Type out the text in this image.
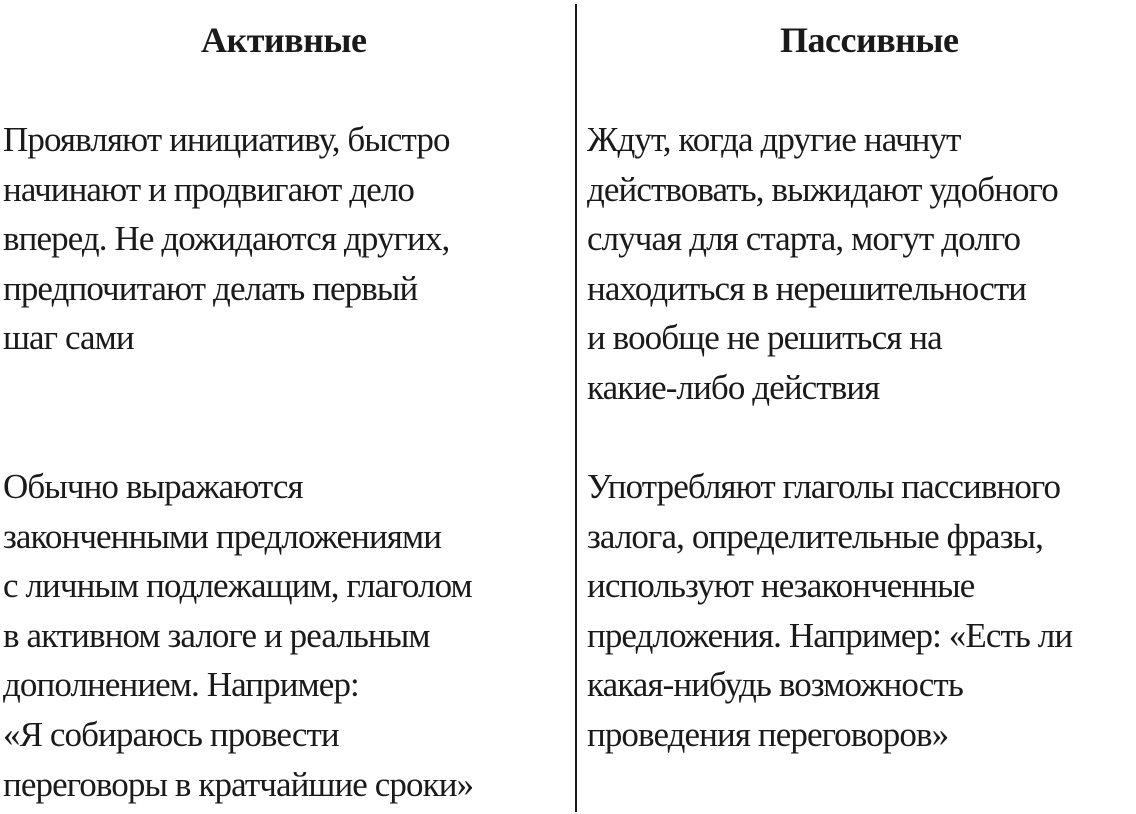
Активные
Проявляют инициативу, быстро
начинают и продвигают дело
вперед. Не дожидаются других,
предпочитают делать первый
шаг сами
Обычно выражаются
законченными предложениями
с личным подлежащим, глаголом
в активном залоге и реальным
дополнением. Например:
«Я собираюсь провести
переговоры в кратчайшие сроки»
Пассивные
Ждут, когда другие начнут
действовать, выжидают удобного
случая для старта, могут долго
находиться в нерешительности
и вообще не решиться на
какие-либо действия
Употребляют глаголы пассивного
залога, определительные фразы,
используют незаконченные
предложения. Например: «Есть ли
какая-нибудь возможность
проведения переговоров»
